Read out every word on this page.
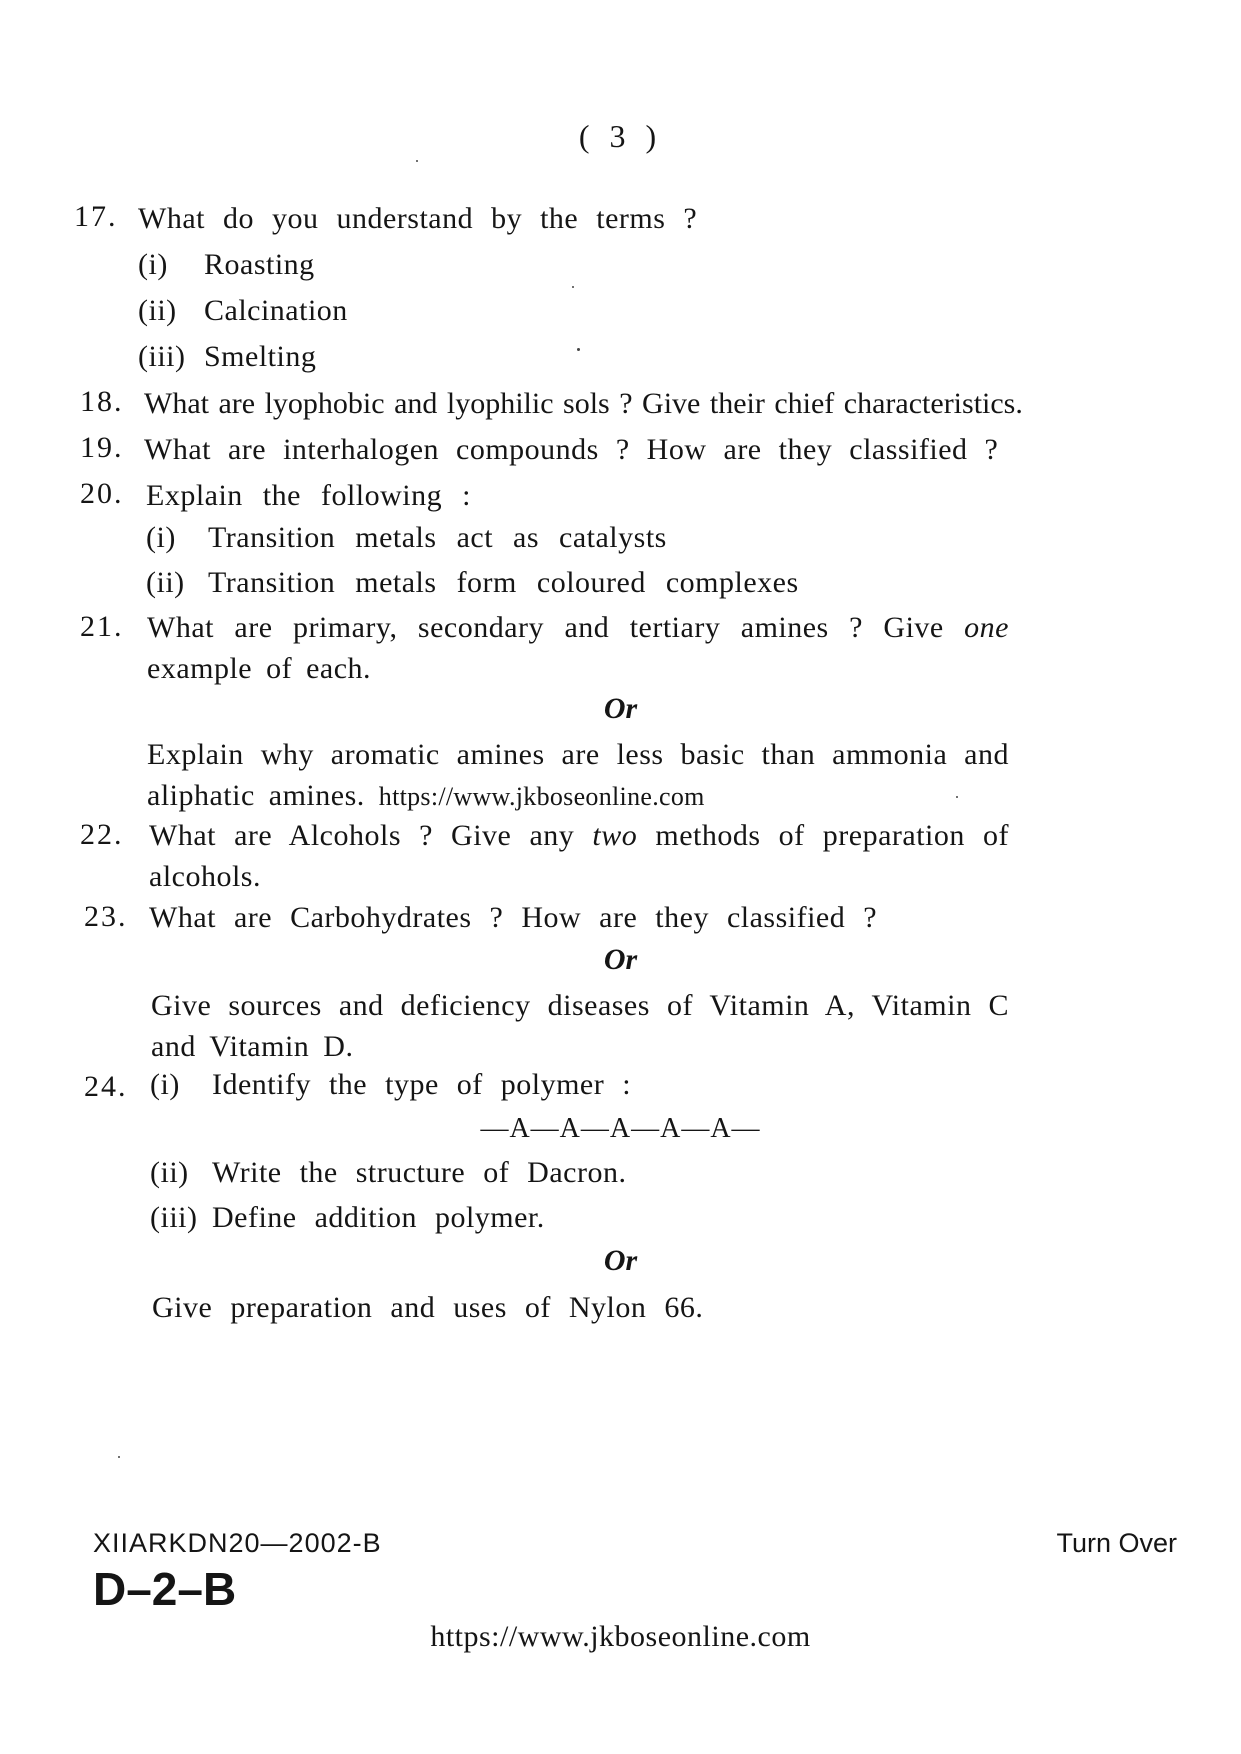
( 3 )
17. What do you understand by the terms ?
(i) Roasting
(ii) Calcination
(iii) Smelting
18. What are lyophobic and lyophilic sols ? Give their chief characteristics.
19. What are interhalogen compounds ? How are they classified ?
20. Explain the following :
(i) Transition metals act as catalysts
(ii) Transition metals form coloured complexes
21. What are primary, secondary and tertiary amines ? Give one example of each.
Or
Explain why aromatic amines are less basic than ammonia and aliphatic amines. https://www.jkboseonline.com
22. What are Alcohols ? Give any two methods of preparation of alcohols.
23. What are Carbohydrates ? How are they classified ?
Or
Give sources and deficiency diseases of Vitamin A, Vitamin C and Vitamin D.
24. (i) Identify the type of polymer :
—A—A—A—A—A—
(ii) Write the structure of Dacron.
(iii) Define addition polymer.
Or
Give preparation and uses of Nylon 66.
XIIARKDN20—2002-B	Turn Over
D–2–B
https://www.jkboseonline.com
